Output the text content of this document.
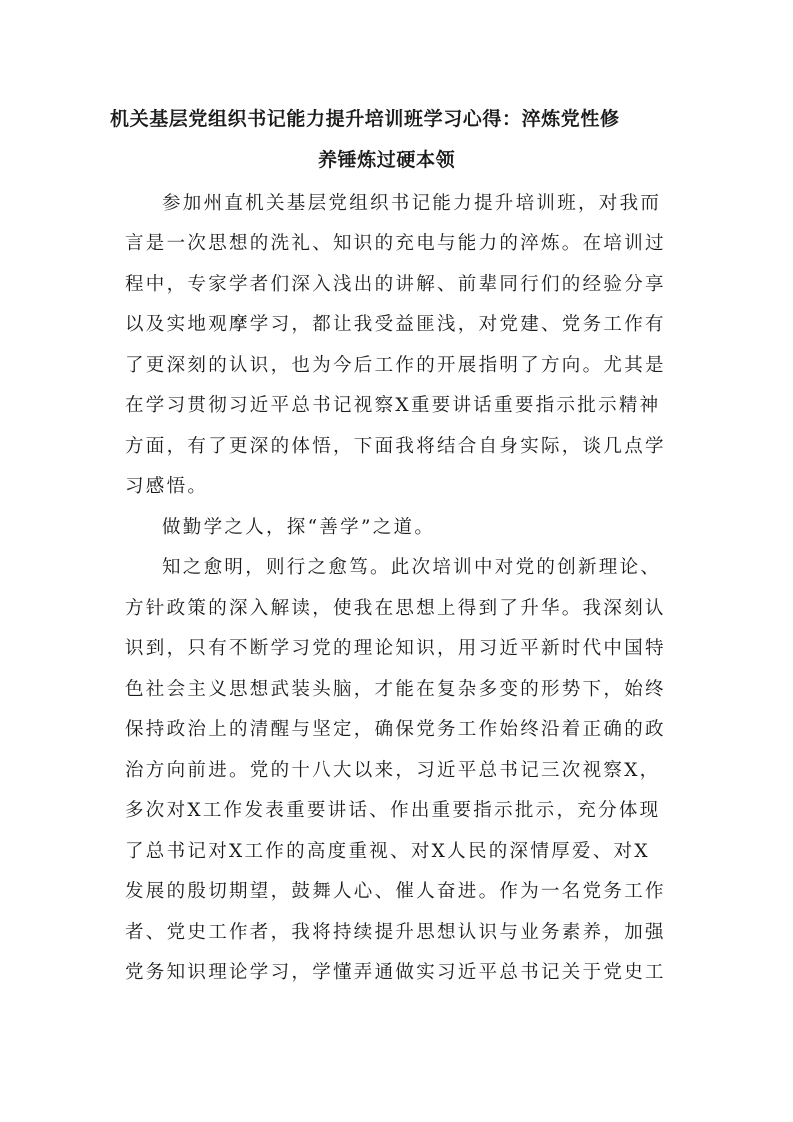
机关基层党组织书记能力提升培训班学习心得：淬炼党性修
养锤炼过硬本领
参加州直机关基层党组织书记能力提升培训班，对我而
言是一次思想的洗礼、知识的充电与能力的淬炼。在培训过
程中，专家学者们深入浅出的讲解、前辈同行们的经验分享
以及实地观摩学习，都让我受益匪浅，对党建、党务工作有
了更深刻的认识，也为今后工作的开展指明了方向。尤其是
在学习贯彻习近平总书记视察X重要讲话重要指示批示精神
方面，有了更深的体悟，下面我将结合自身实际，谈几点学
习感悟。
做勤学之人，探“善学”之道。
知之愈明，则行之愈笃。此次培训中对党的创新理论、
方针政策的深入解读，使我在思想上得到了升华。我深刻认
识到，只有不断学习党的理论知识，用习近平新时代中国特
色社会主义思想武装头脑，才能在复杂多变的形势下，始终
保持政治上的清醒与坚定，确保党务工作始终沿着正确的政
治方向前进。党的十八大以来，习近平总书记三次视察X，
多次对X工作发表重要讲话、作出重要指示批示，充分体现
了总书记对X工作的高度重视、对X人民的深情厚爱、对X
发展的殷切期望，鼓舞人心、催人奋进。作为一名党务工作
者、党史工作者，我将持续提升思想认识与业务素养，加强
党务知识理论学习，学懂弄通做实习近平总书记关于党史工
